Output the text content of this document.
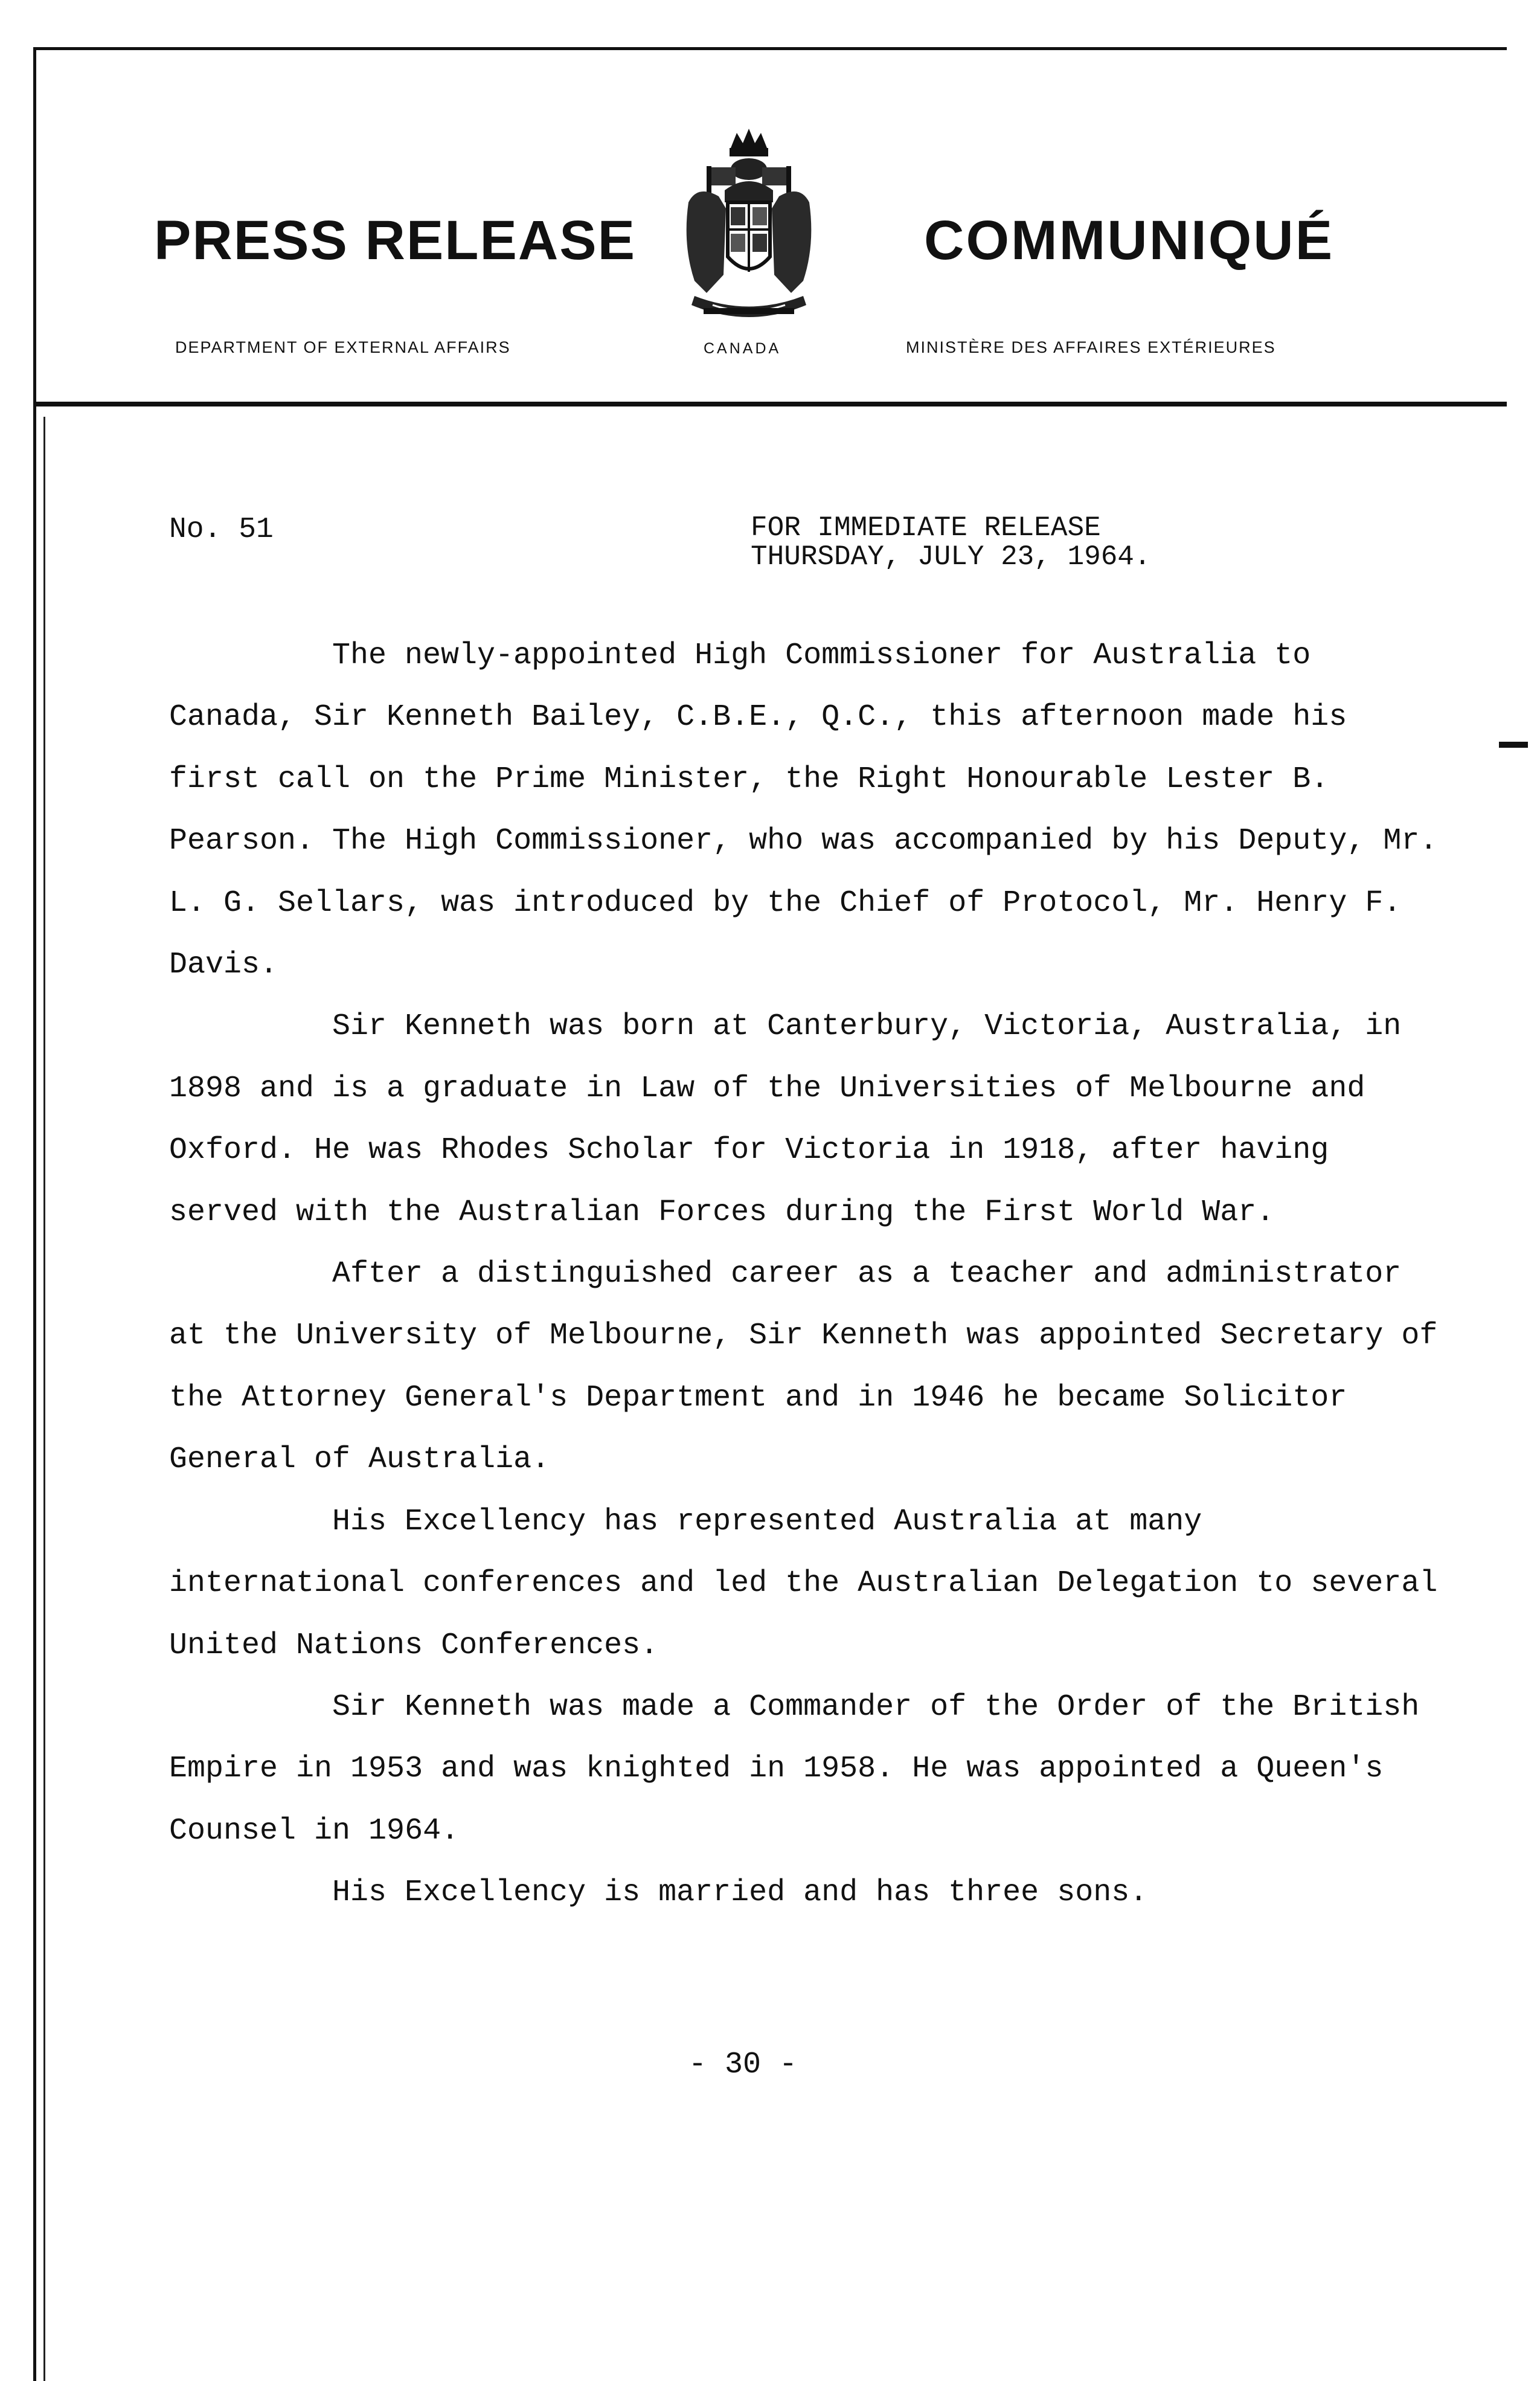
PRESS RELEASE	COMMUNIQUÉ
DEPARTMENT OF EXTERNAL AFFAIRS	CANADA	MINISTÈRE DES AFFAIRES EXTÉRIEURES
No. 51	FOR IMMEDIATE RELEASE
THURSDAY, JULY 23, 1964.

The newly-appointed High Commissioner for Australia to Canada, Sir Kenneth Bailey, C.B.E., Q.C., this afternoon made his first call on the Prime Minister, the Right Honourable Lester B. Pearson. The High Commissioner, who was accompanied by his Deputy, Mr. L. G. Sellars, was introduced by the Chief of Protocol, Mr. Henry F. Davis.

Sir Kenneth was born at Canterbury, Victoria, Australia, in 1898 and is a graduate in Law of the Universities of Melbourne and Oxford. He was Rhodes Scholar for Victoria in 1918, after having served with the Australian Forces during the First World War.

After a distinguished career as a teacher and administrator at the University of Melbourne, Sir Kenneth was appointed Secretary of the Attorney General's Department and in 1946 he became Solicitor General of Australia.

His Excellency has represented Australia at many international conferences and led the Australian Delegation to several United Nations Conferences.

Sir Kenneth was made a Commander of the Order of the British Empire in 1953 and was knighted in 1958. He was appointed a Queen's Counsel in 1964.

His Excellency is married and has three sons.

- 30 -
